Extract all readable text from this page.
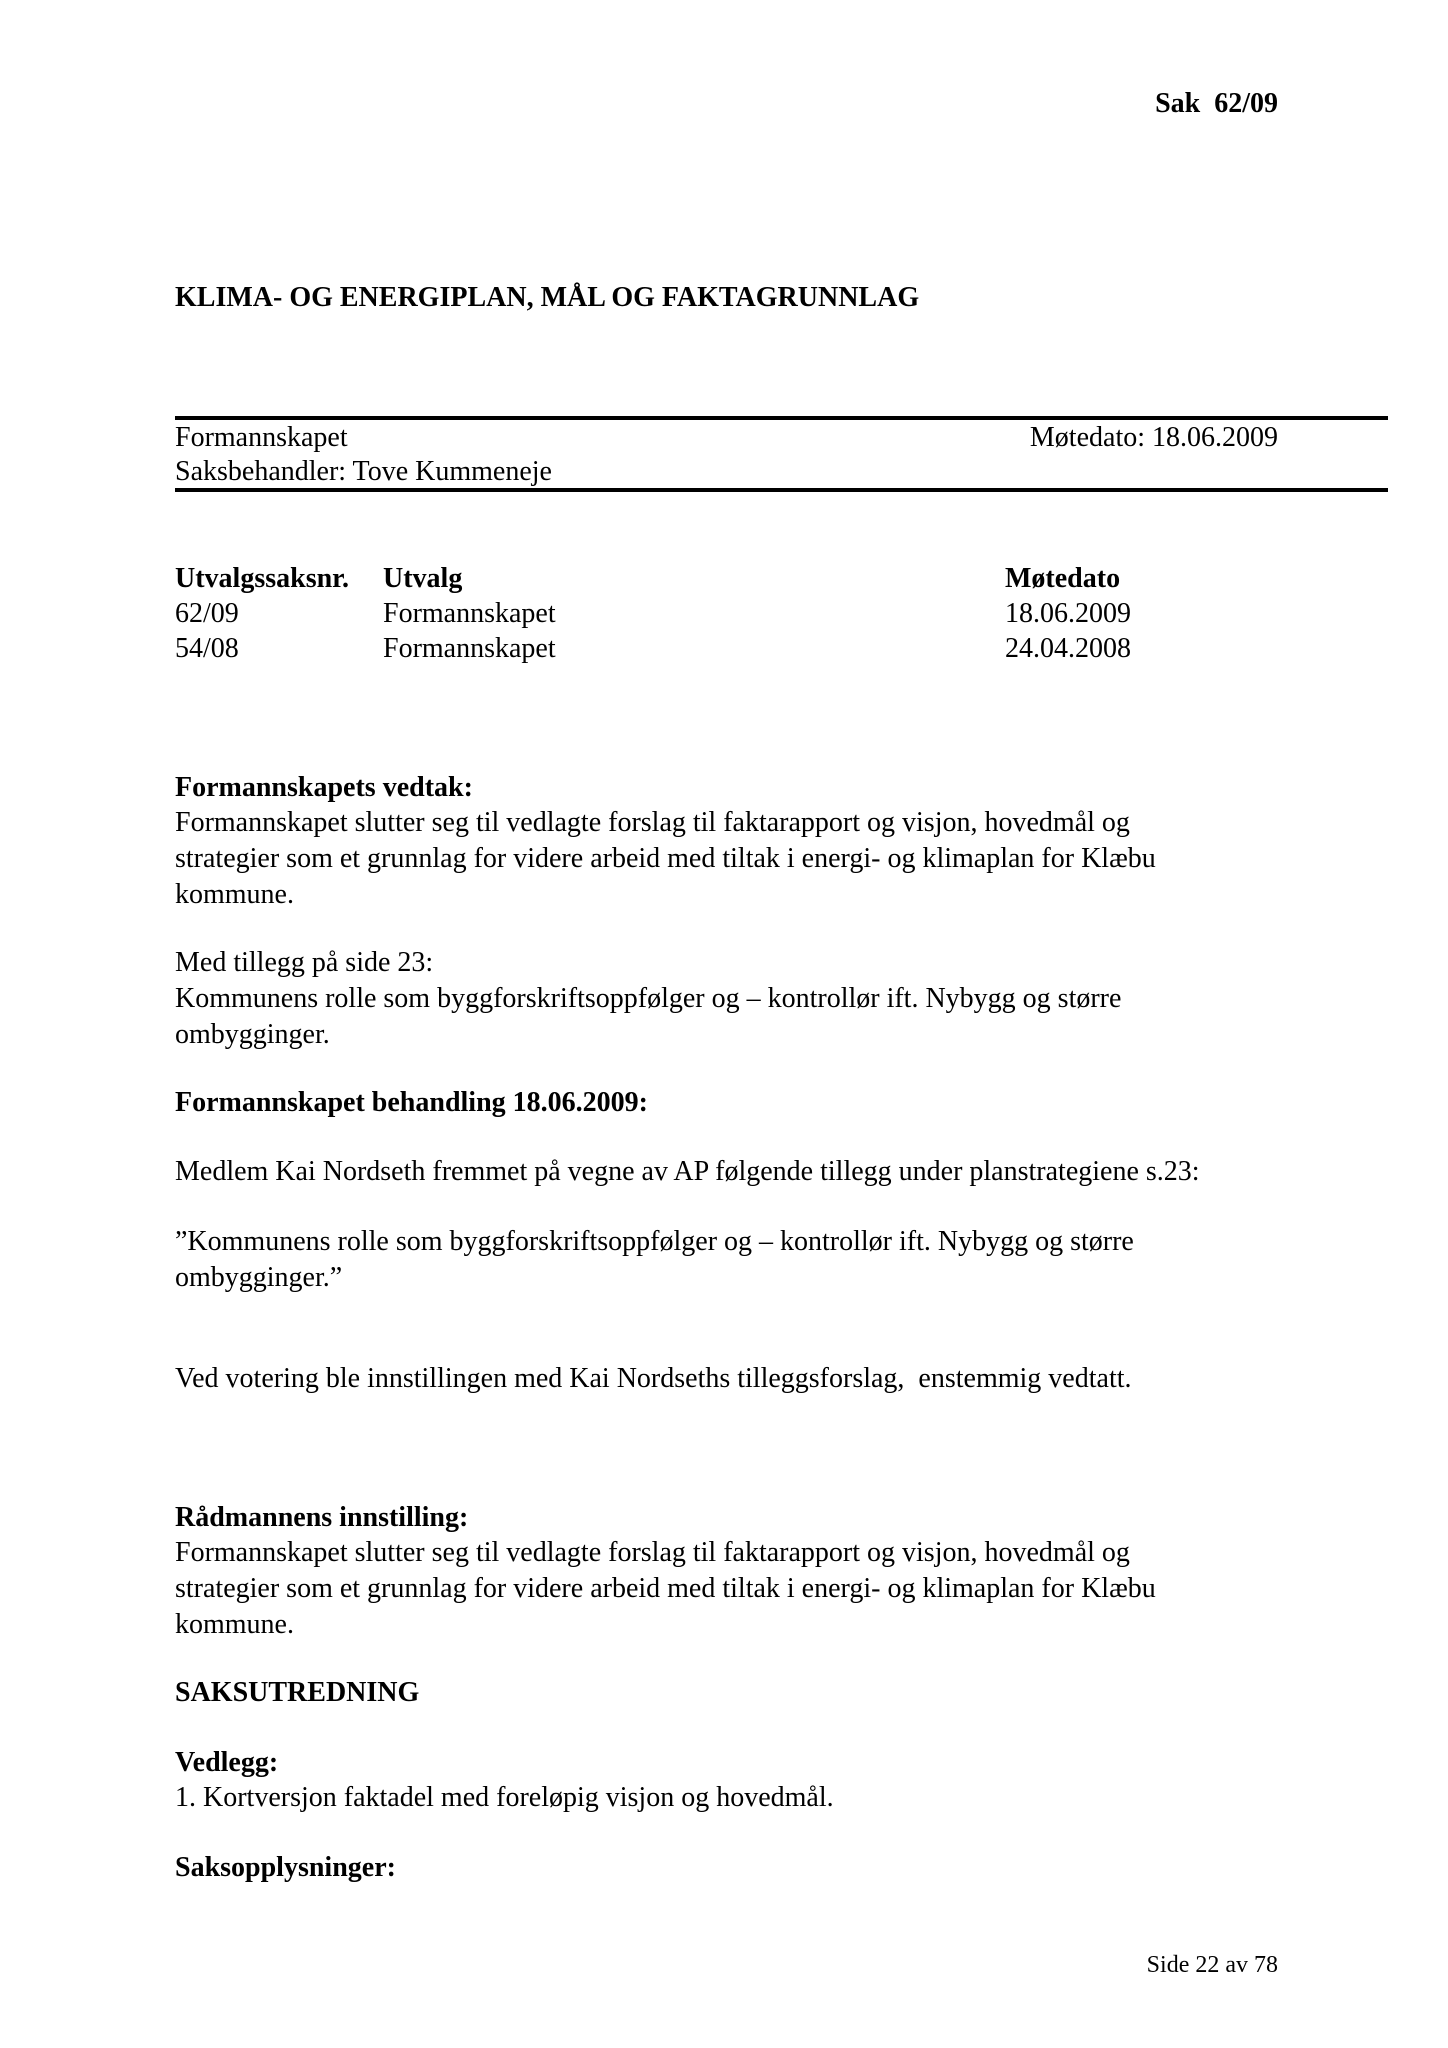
Sak  62/09
KLIMA- OG ENERGIPLAN, MÅL OG FAKTAGRUNNLAG
Formannskapet	Møtedato: 18.06.2009
Saksbehandler: Tove Kummeneje
Utvalgssaksnr. Utvalg	Møtedato
62/09	Formannskapet	18.06.2009
54/08	Formannskapet	24.04.2008
Formannskapets vedtak:
Formannskapet slutter seg til vedlagte forslag til faktarapport og visjon, hovedmål og
strategier som et grunnlag for videre arbeid med tiltak i energi- og klimaplan for Klæbu
kommune.
Med tillegg på side 23:
Kommunens rolle som byggforskriftsoppfølger og – kontrollør ift. Nybygg og større
ombygginger.
Formannskapet behandling 18.06.2009:
Medlem Kai Nordseth fremmet på vegne av AP følgende tillegg under planstrategiene s.23:
”Kommunens rolle som byggforskriftsoppfølger og – kontrollør ift. Nybygg og større
ombygginger.”
Ved votering ble innstillingen med Kai Nordseths tilleggsforslag,  enstemmig vedtatt.
Rådmannens innstilling:
Formannskapet slutter seg til vedlagte forslag til faktarapport og visjon, hovedmål og
strategier som et grunnlag for videre arbeid med tiltak i energi- og klimaplan for Klæbu
kommune.
SAKSUTREDNING
Vedlegg:
1. Kortversjon faktadel med foreløpig visjon og hovedmål.
Saksopplysninger:
Side 22 av 78
